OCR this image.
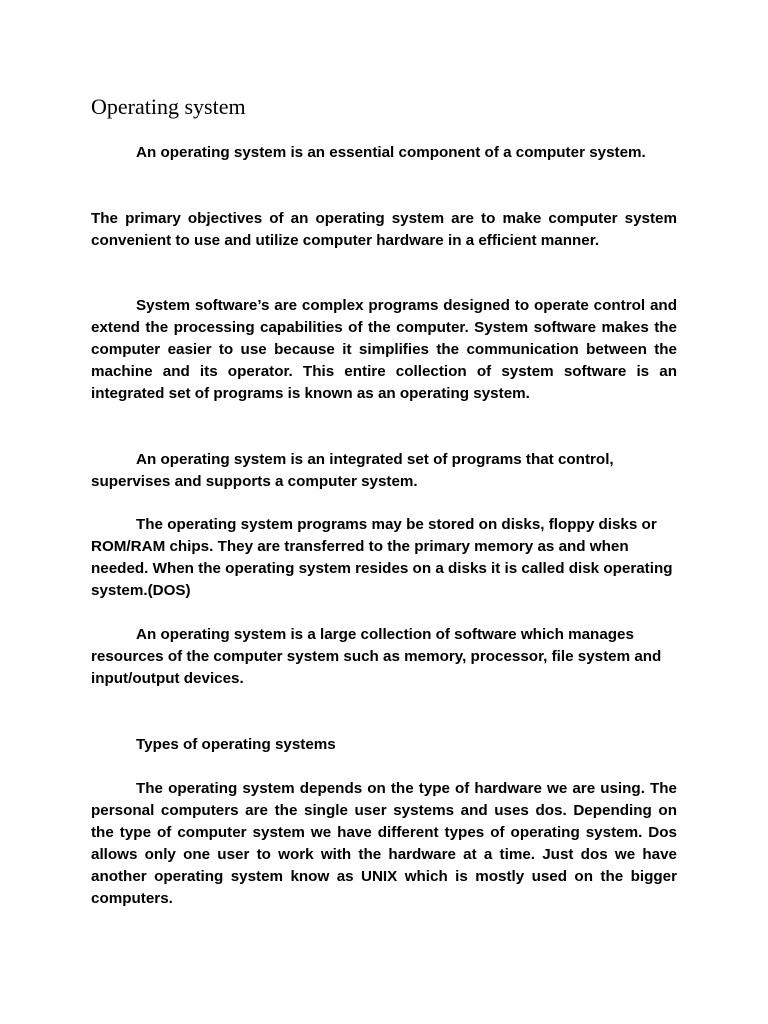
Operating system

An operating system is an essential component of a computer system.

The primary objectives of an operating system are to make computer system convenient to use and utilize computer hardware in a efficient manner.

System software’s are complex programs designed to operate control and extend the processing capabilities of the computer. System software makes the computer easier to use because it simplifies the communication between the machine and its operator. This entire collection of system software is an integrated set of programs is known as an operating system.

An operating system is an integrated set of programs that control, supervises and supports a computer system.

The operating system programs may be stored on disks, floppy disks or ROM/RAM chips. They are transferred to the primary memory as and when needed. When the operating system resides on a disks it is called disk operating system.(DOS)

An operating system is a large collection of software which manages resources of the computer system such as memory, processor, file system and input/output devices.

Types of operating systems

The operating system depends on the type of hardware we are using. The personal computers are the single user systems and uses dos. Depending on the type of computer system we have different types of operating system. Dos allows only one user to work with the hardware at a time. Just dos we have another operating system know as UNIX which is mostly used on the bigger computers.
